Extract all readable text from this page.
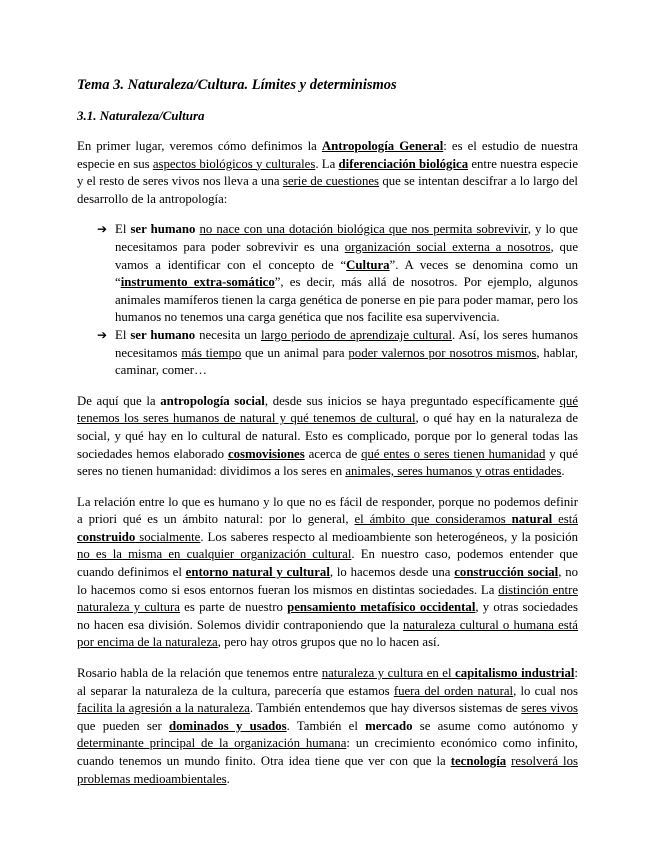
Tema 3. Naturaleza/Cultura. Límites y determinismos
3.1. Naturaleza/Cultura

En primer lugar, veremos cómo definimos la Antropología General: es el estudio de nuestra especie en sus aspectos biológicos y culturales. La diferenciación biológica entre nuestra especie y el resto de seres vivos nos lleva a una serie de cuestiones que se intentan descifrar a lo largo del desarrollo de la antropología:

➔ El ser humano no nace con una dotación biológica que nos permita sobrevivir, y lo que necesitamos para poder sobrevivir es una organización social externa a nosotros, que vamos a identificar con el concepto de “Cultura”. A veces se denomina como un “instrumento extra-somático”, es decir, más allá de nosotros. Por ejemplo, algunos animales mamíferos tienen la carga genética de ponerse en pie para poder mamar, pero los humanos no tenemos una carga genética que nos facilite esa supervivencia.
➔ El ser humano necesita un largo periodo de aprendizaje cultural. Así, los seres humanos necesitamos más tiempo que un animal para poder valernos por nosotros mismos, hablar, caminar, comer…

De aquí que la antropología social, desde sus inicios se haya preguntado específicamente qué tenemos los seres humanos de natural y qué tenemos de cultural, o qué hay en la naturaleza de social, y qué hay en lo cultural de natural. Esto es complicado, porque por lo general todas las sociedades hemos elaborado cosmovisiones acerca de qué entes o seres tienen humanidad y qué seres no tienen humanidad: dividimos a los seres en animales, seres humanos y otras entidades.

La relación entre lo que es humano y lo que no es fácil de responder, porque no podemos definir a priori qué es un ámbito natural: por lo general, el ámbito que consideramos natural está construido socialmente. Los saberes respecto al medioambiente son heterogéneos, y la posición no es la misma en cualquier organización cultural. En nuestro caso, podemos entender que cuando definimos el entorno natural y cultural, lo hacemos desde una construcción social, no lo hacemos como si esos entornos fueran los mismos en distintas sociedades. La distinción entre naturaleza y cultura es parte de nuestro pensamiento metafísico occidental, y otras sociedades no hacen esa división. Solemos dividir contraponiendo que la naturaleza cultural o humana está por encima de la naturaleza, pero hay otros grupos que no lo hacen así.

Rosario habla de la relación que tenemos entre naturaleza y cultura en el capitalismo industrial: al separar la naturaleza de la cultura, parecería que estamos fuera del orden natural, lo cual nos facilita la agresión a la naturaleza. También entendemos que hay diversos sistemas de seres vivos que pueden ser dominados y usados. También el mercado se asume como autónomo y determinante principal de la organización humana: un crecimiento económico como infinito, cuando tenemos un mundo finito. Otra idea tiene que ver con que la tecnología resolverá los problemas medioambientales.
